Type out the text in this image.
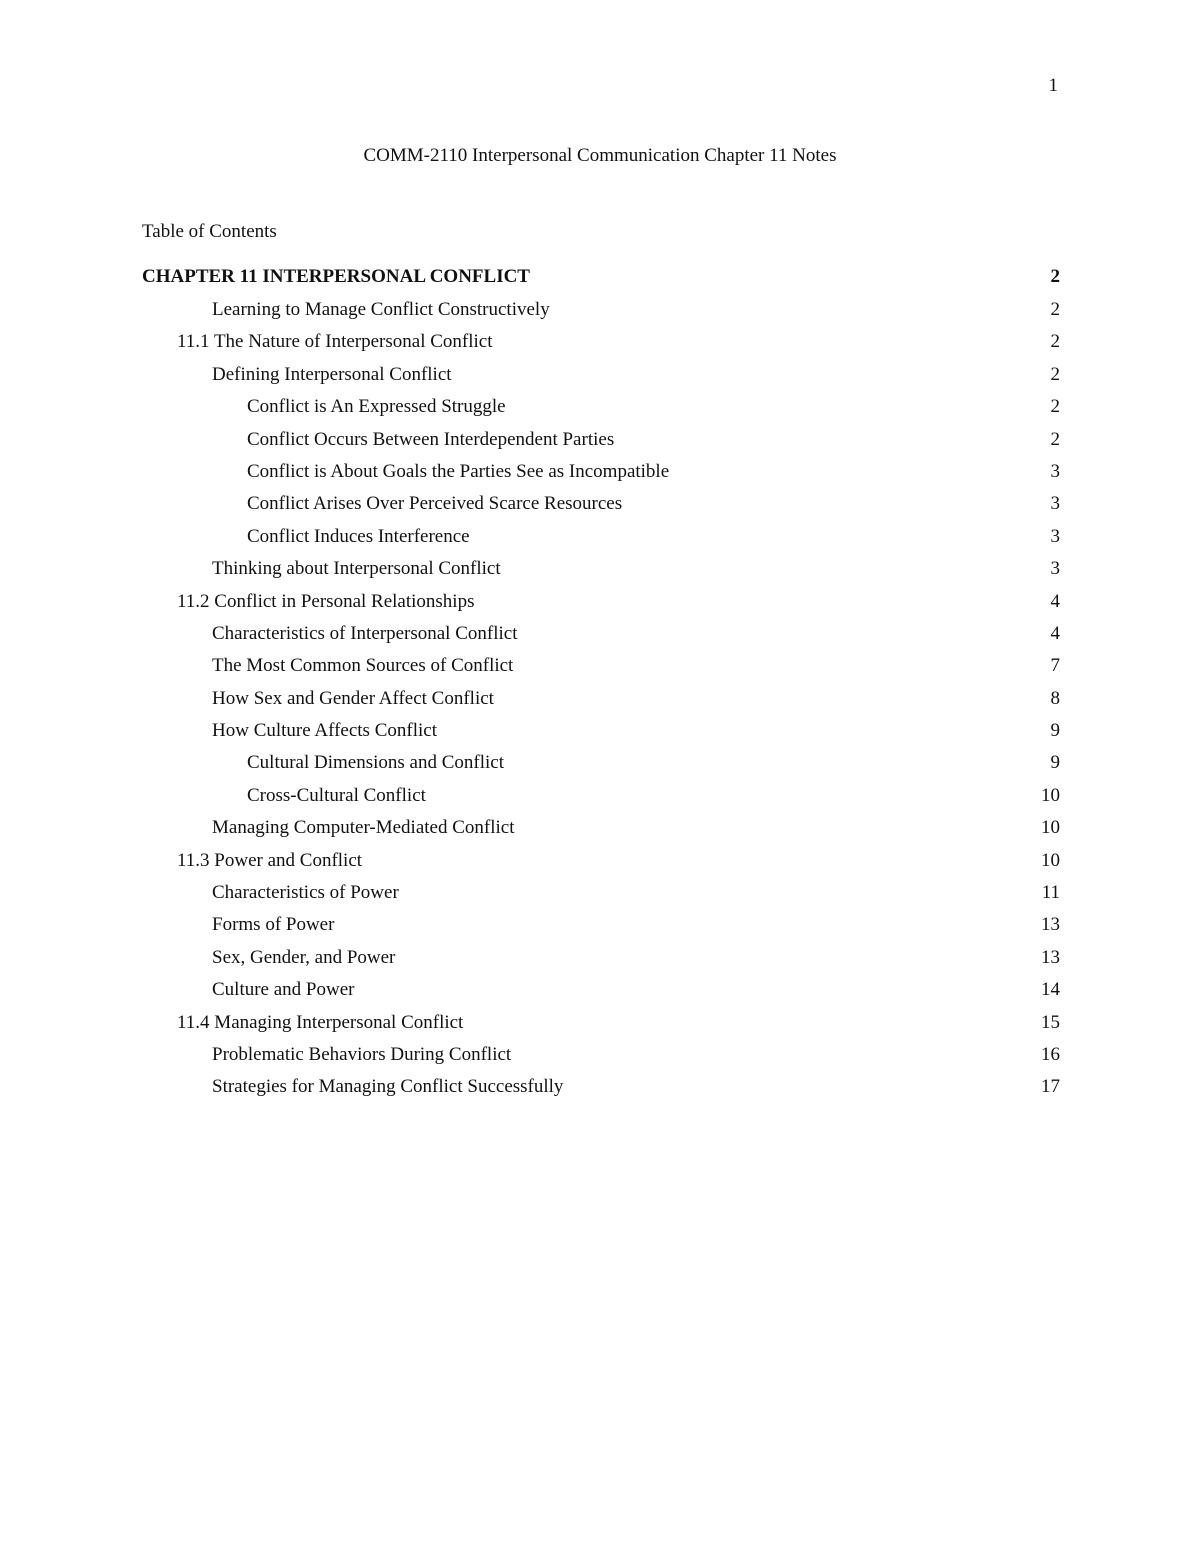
1
COMM-2110 Interpersonal Communication Chapter 11 Notes
Table of Contents
CHAPTER 11 INTERPERSONAL CONFLICT	2
Learning to Manage Conflict Constructively	2
11.1 The Nature of Interpersonal Conflict	2
Defining Interpersonal Conflict	2
Conflict is An Expressed Struggle	2
Conflict Occurs Between Interdependent Parties	2
Conflict is About Goals the Parties See as Incompatible	3
Conflict Arises Over Perceived Scarce Resources	3
Conflict Induces Interference	3
Thinking about Interpersonal Conflict	3
11.2 Conflict in Personal Relationships	4
Characteristics of Interpersonal Conflict	4
The Most Common Sources of Conflict	7
How Sex and Gender Affect Conflict	8
How Culture Affects Conflict	9
Cultural Dimensions and Conflict	9
Cross-Cultural Conflict	10
Managing Computer-Mediated Conflict	10
11.3 Power and Conflict	10
Characteristics of Power	11
Forms of Power	13
Sex, Gender, and Power	13
Culture and Power	14
11.4 Managing Interpersonal Conflict	15
Problematic Behaviors During Conflict	16
Strategies for Managing Conflict Successfully	17
